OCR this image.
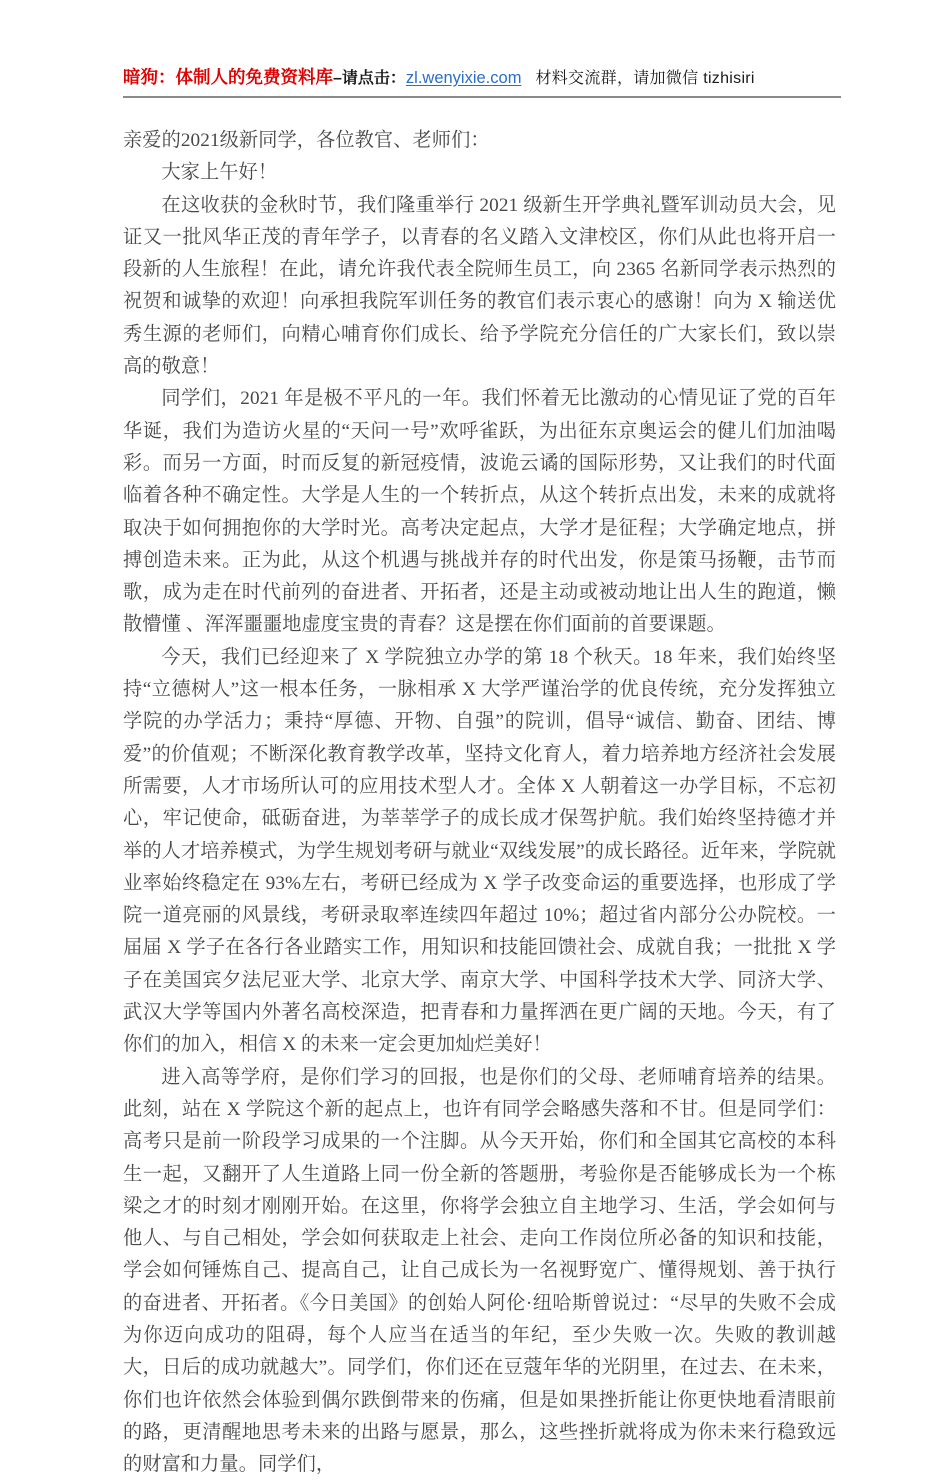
暗狗：体制人的免费资料库–请点击：zl.wenyixie.com 材料交流群，请加微信 tizhisiri

亲爱的2021级新同学，各位教官、老师们：

大家上午好！

在这收获的金秋时节，我们隆重举行 2021 级新生开学典礼暨军训动员大会，见证又一批风华正茂的青年学子，以青春的名义踏入文津校区，你们从此也将开启一段新的人生旅程！在此，请允许我代表全院师生员工，向 2365 名新同学表示热烈的祝贺和诚挚的欢迎！向承担我院军训任务的教官们表示衷心的感谢！向为 X 输送优秀生源的老师们，向精心哺育你们成长、给予学院充分信任的广大家长们，致以崇高的敬意！

同学们，2021 年是极不平凡的一年。我们怀着无比激动的心情见证了党的百年华诞，我们为造访火星的“天问一号”欢呼雀跃，为出征东京奥运会的健儿们加油喝彩。而另一方面，时而反复的新冠疫情，波诡云谲的国际形势，又让我们的时代面临着各种不确定性。大学是人生的一个转折点，从这个转折点出发，未来的成就将取决于如何拥抱你的大学时光。高考决定起点，大学才是征程；大学确定地点，拼搏创造未来。正为此，从这个机遇与挑战并存的时代出发，你是策马扬鞭，击节而歌，成为走在时代前列的奋进者、开拓者，还是主动或被动地让出人生的跑道，懒散懵懂 、浑浑噩噩地虚度宝贵的青春？这是摆在你们面前的首要课题。

今天，我们已经迎来了 X 学院独立办学的第 18 个秋天。18 年来，我们始终坚持“立德树人”这一根本任务，一脉相承 X 大学严谨治学的优良传统，充分发挥独立学院的办学活力；秉持“厚德、开物、自强”的院训，倡导“诚信、勤奋、团结、博爱”的价值观；不断深化教育教学改革，坚持文化育人，着力培养地方经济社会发展所需要，人才市场所认可的应用技术型人才。全体 X 人朝着这一办学目标，不忘初心，牢记使命，砥砺奋进，为莘莘学子的成长成才保驾护航。我们始终坚持德才并举的人才培养模式，为学生规划考研与就业“双线发展”的成长路径。近年来，学院就业率始终稳定在 93%左右，考研已经成为 X 学子改变命运的重要选择，也形成了学院一道亮丽的风景线，考研录取率连续四年超过 10%；超过省内部分公办院校。一届届 X 学子在各行各业踏实工作，用知识和技能回馈社会、成就自我；一批批 X 学子在美国宾夕法尼亚大学、北京大学、南京大学、中国科学技术大学、同济大学、武汉大学等国内外著名高校深造，把青春和力量挥洒在更广阔的天地。今天，有了你们的加入，相信 X 的未来一定会更加灿烂美好！

进入高等学府，是你们学习的回报，也是你们的父母、老师哺育培养的结果。此刻，站在 X 学院这个新的起点上，也许有同学会略感失落和不甘。但是同学们：高考只是前一阶段学习成果的一个注脚。从今天开始，你们和全国其它高校的本科生一起，又翻开了人生道路上同一份全新的答题册，考验你是否能够成长为一个栋梁之才的时刻才刚刚开始。在这里，你将学会独立自主地学习、生活，学会如何与他人、与自己相处，学会如何获取走上社会、走向工作岗位所必备的知识和技能，学会如何锤炼自己、提高自己，让自己成长为一名视野宽广、懂得规划、善于执行的奋进者、开拓者。《今日美国》的创始人阿伦·纽哈斯曾说过：“尽早的失败不会成为你迈向成功的阻碍，每个人应当在适当的年纪，至少失败一次。失败的教训越大，日后的成功就越大”。同学们，你们还在豆蔻年华的光阴里，在过去、在未来，你们也许依然会体验到偶尔跌倒带来的伤痛，但是如果挫折能让你更快地看清眼前的路，更清醒地思考未来的出路与愿景，那么，这些挫折就将成为你未来行稳致远的财富和力量。同学们，
